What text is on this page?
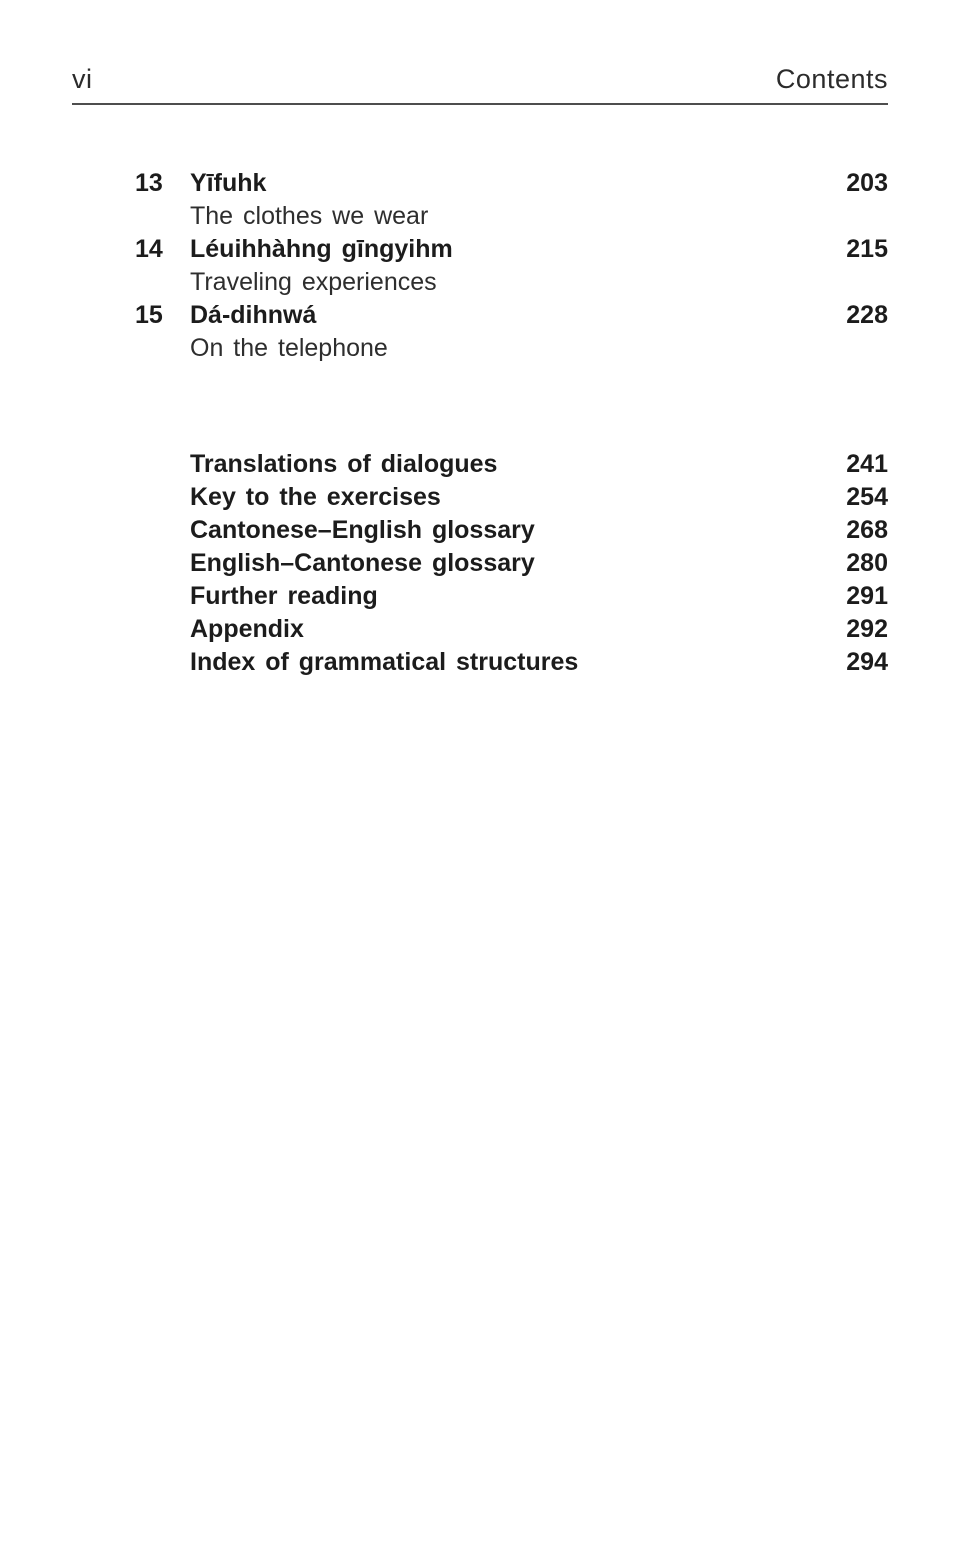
vi	Contents
13	Yīfuhk	203
The clothes we wear
14	Léuihhàhng gīngyihm	215
Traveling experiences
15	Dá-dihnwá	228
On the telephone
Translations of dialogues	241
Key to the exercises	254
Cantonese–English glossary	268
English–Cantonese glossary	280
Further reading	291
Appendix	292
Index of grammatical structures	294
